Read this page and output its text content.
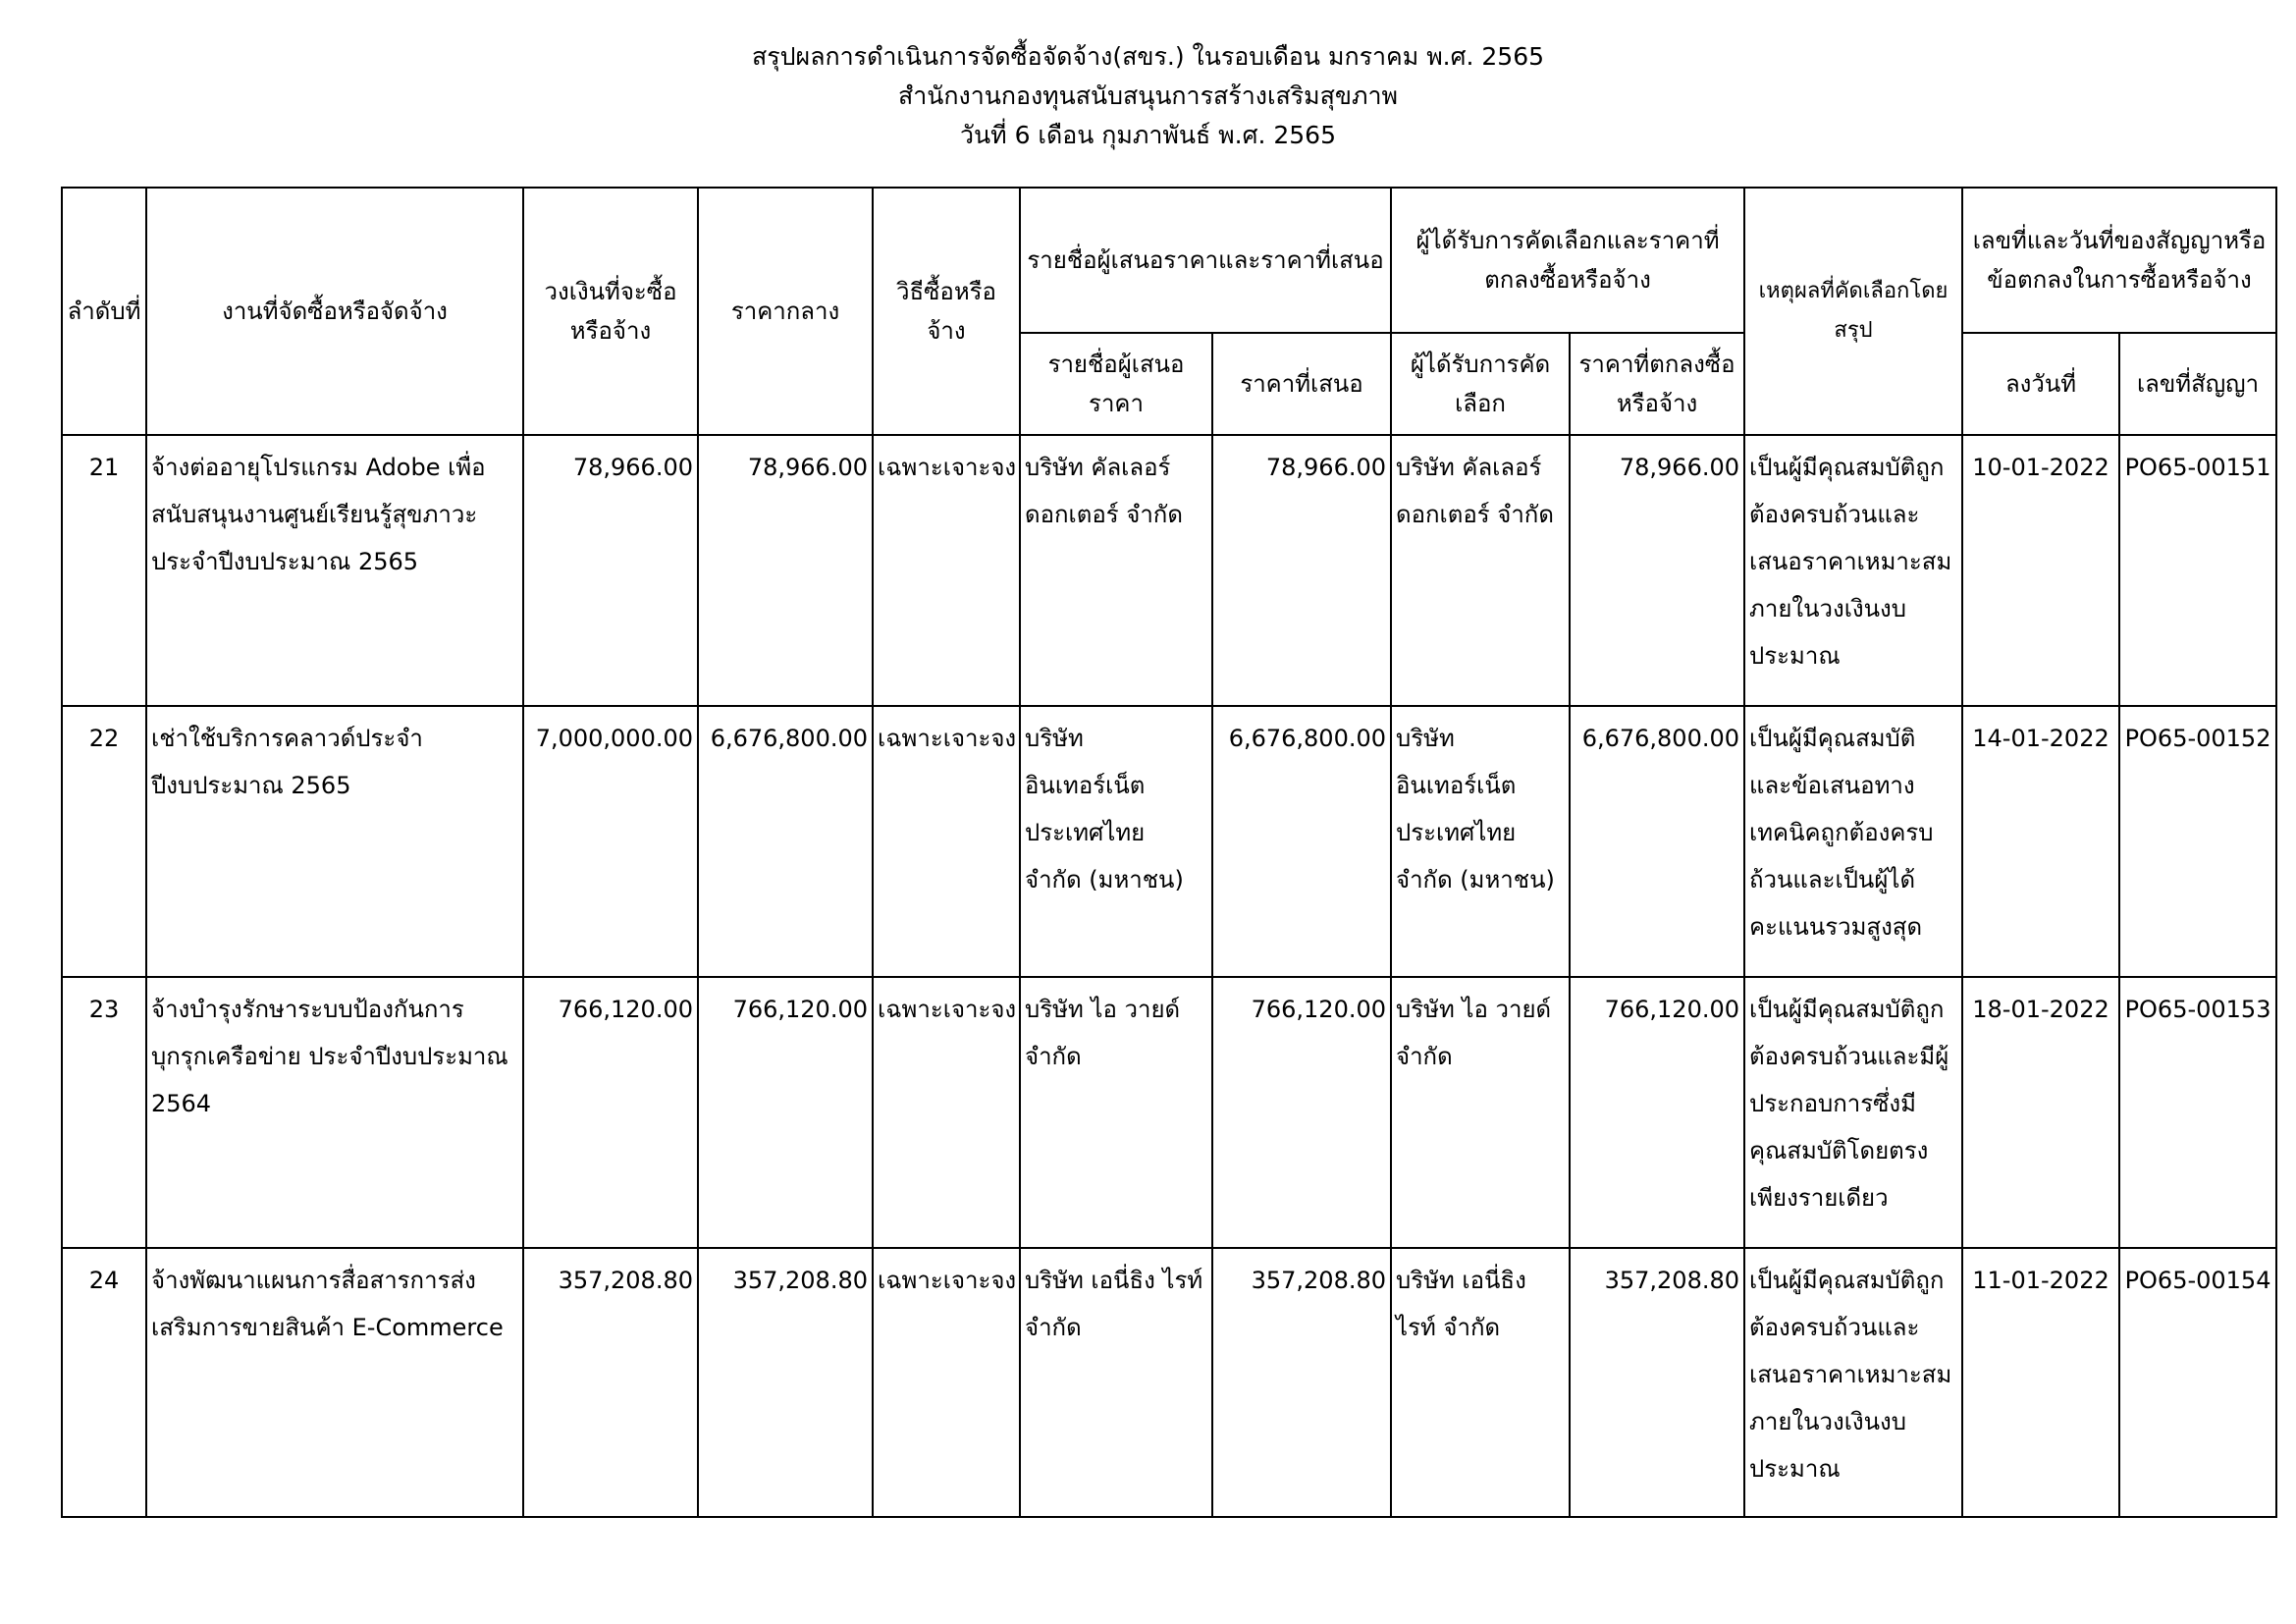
สรุปผลการดำเนินการจัดซื้อจัดจ้าง(สขร.) ในรอบเดือน มกราคม พ.ศ. 2565
สำนักงานกองทุนสนับสนุนการสร้างเสริมสุขภาพ
วันที่ 6 เดือน กุมภาพันธ์ พ.ศ. 2565
ลำดับที่	งานที่จัดซื้อหรือจัดจ้าง	วงเงินที่จะซื้อหรือจ้าง	ราคากลาง	วิธีซื้อหรือจ้าง	รายชื่อผู้เสนอราคาและราคาที่เสนอ		ผู้ได้รับการคัดเลือกและราคาที่ตกลงซื้อหรือจ้าง		เหตุผลที่คัดเลือกโดยสรุป	เลขที่และวันที่ของสัญญาหรือข้อตกลงในการซื้อหรือจ้าง	
					รายชื่อผู้เสนอราคา	ราคาที่เสนอ	ผู้ได้รับการคัดเลือก	ราคาที่ตกลงซื้อหรือจ้าง		ลงวันที่	เลขที่สัญญา
21	จ้างต่ออายุโปรแกรม Adobe เพื่อสนับสนุนงานศูนย์เรียนรู้สุขภาวะประจำปีงบประมาณ 2565	78,966.00	78,966.00	เฉพาะเจาะจง	บริษัท คัลเลอร์ ดอกเตอร์ จำกัด	78,966.00	บริษัท คัลเลอร์ ดอกเตอร์ จำกัด	78,966.00	เป็นผู้มีคุณสมบัติถูกต้องครบถ้วนและเสนอราคาเหมาะสมภายในวงเงินงบประมาณ	10-01-2022	PO65-00151
22	เช่าใช้บริการคลาวด์ประจำปีงบประมาณ 2565	7,000,000.00	6,676,800.00	เฉพาะเจาะจง	บริษัท อินเทอร์เน็ตประเทศไทย จำกัด (มหาชน)	6,676,800.00	บริษัท อินเทอร์เน็ตประเทศไทย จำกัด (มหาชน)	6,676,800.00	เป็นผู้มีคุณสมบัติและข้อเสนอทางเทคนิคถูกต้องครบถ้วนและเป็นผู้ได้คะแนนรวมสูงสุด	14-01-2022	PO65-00152
23	จ้างบำรุงรักษาระบบป้องกันการบุกรุกเครือข่าย ประจำปีงบประมาณ 2564	766,120.00	766,120.00	เฉพาะเจาะจง	บริษัท ไอ วายด์ จำกัด	766,120.00	บริษัท ไอ วายด์ จำกัด	766,120.00	เป็นผู้มีคุณสมบัติถูกต้องครบถ้วนและมีผู้ประกอบการซึ่งมีคุณสมบัติโดยตรงเพียงรายเดียว	18-01-2022	PO65-00153
24	จ้างพัฒนาแผนการสื่อสารการส่งเสริมการขายสินค้า E-Commerce	357,208.80	357,208.80	เฉพาะเจาะจง	บริษัท เอนี่ธิง ไรท์ จำกัด	357,208.80	บริษัท เอนี่ธิง ไรท์ จำกัด	357,208.80	เป็นผู้มีคุณสมบัติถูกต้องครบถ้วนและเสนอราคาเหมาะสมภายในวงเงินงบประมาณ	11-01-2022	PO65-00154
